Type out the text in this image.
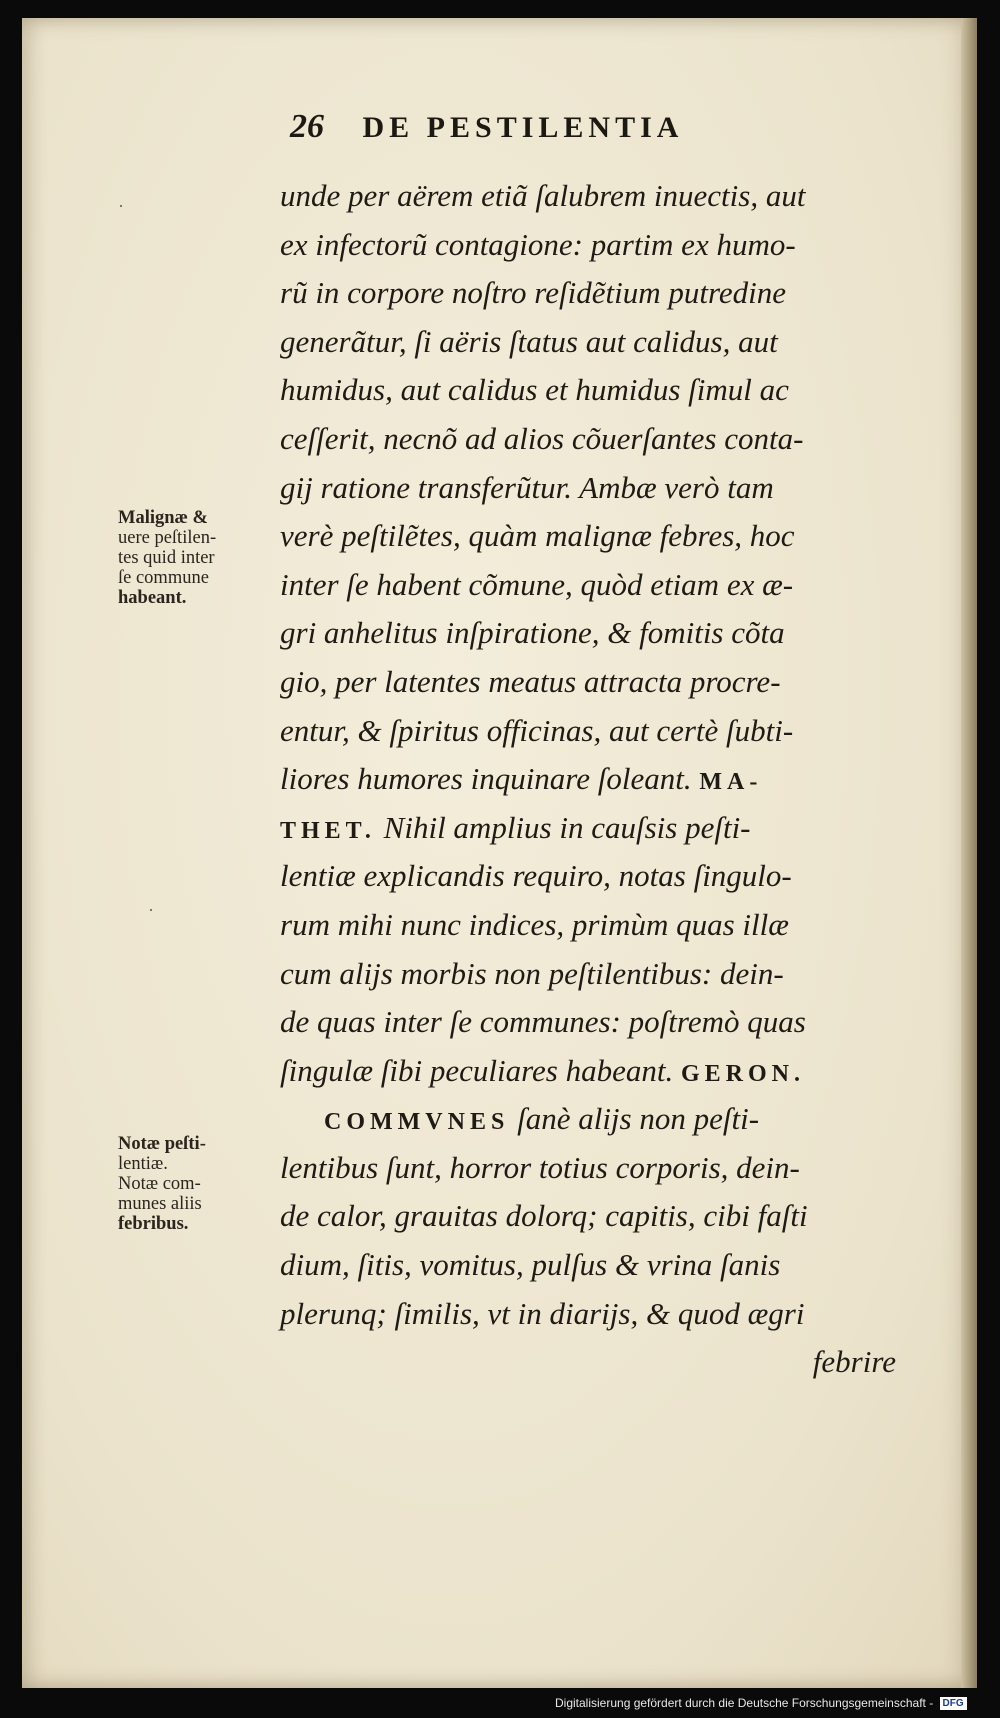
26 DE PESTILENTIA
unde per aërem etiã ſalubrem inuectis, aut
ex infectorũ contagione: partim ex humo-
rũ in corpore noſtro reſidẽtium putredine
generãtur, ſi aëris ſtatus aut calidus, aut
humidus, aut calidus et humidus ſimul ac
ceſſerit, necnõ ad alios cõuerſantes conta-
gij ratione transferũtur. Ambæ verò tam
verè peſtilẽtes, quàm malignæ febres, hoc
inter ſe habent cõmune, quòd etiam ex æ-
gri anhelitus inſpiratione, & fomitis cõta
gio, per latentes meatus attracta procre-
entur, & ſpiritus officinas, aut certè ſubti-
liores humores inquinare ſoleant. MA-
THET. Nihil amplius in cauſsis peſti-
lentiæ explicandis requiro, notas ſingulo-
rum mihi nunc indices, primùm quas illæ
cum alijs morbis non peſtilentibus: dein-
de quas inter ſe communes: poſtremò quas
ſingulæ ſibi peculiares habeant. GERON.
COMMVNES ſanè alijs non peſti-
lentibus ſunt, horror totius corporis, dein-
de calor, grauitas dolorq; capitis, cibi faſti
dium, ſitis, vomitus, pulſus & vrina ſanis
plerunq; ſimilis, vt in diarijs, & quod ægri
febrire
Malignæ &
uere peſtilen-
tes quid inter
ſe commune
habeant.
Notæ peſti-
lentiæ.
Notæ com-
munes aliis
febribus.
·
·
Digitalisierung gefördert durch die Deutsche Forschungsgemeinschaft - DFG
